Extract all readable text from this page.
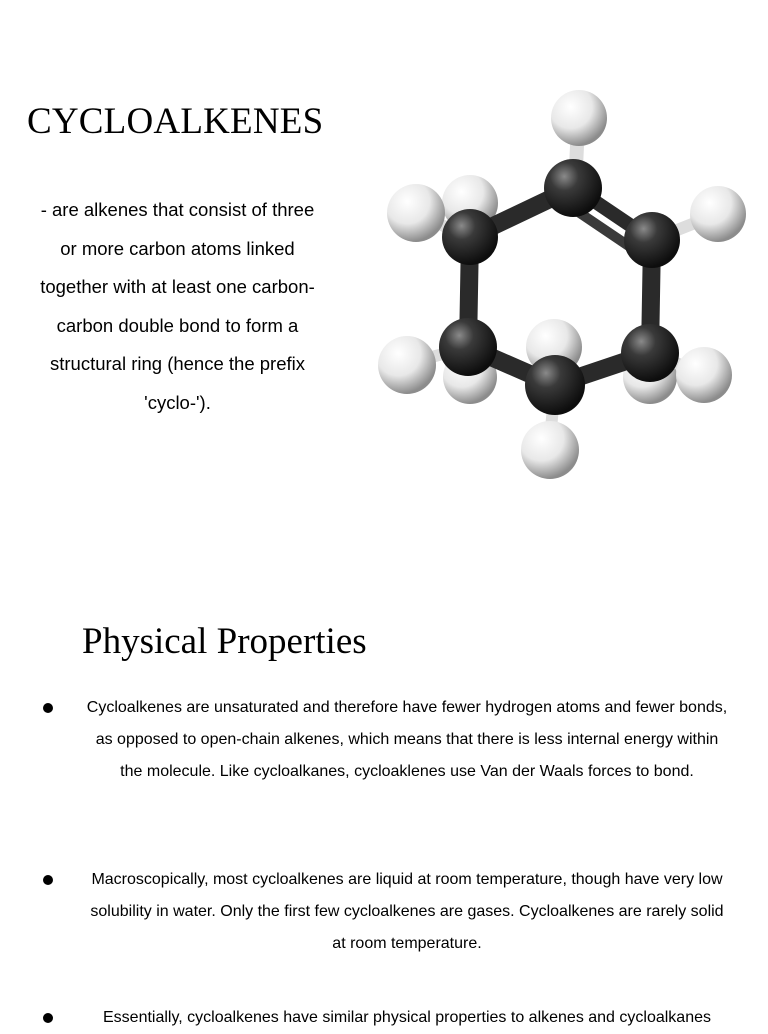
CYCLOALKENES

- are alkenes that consist of three or more carbon atoms linked together with at least one carbon-carbon double bond to form a structural ring (hence the prefix 'cyclo-').

Physical Properties

Cycloalkenes are unsaturated and therefore have fewer hydrogen atoms and fewer bonds, as opposed to open-chain alkenes, which means that there is less internal energy within the molecule. Like cycloalkanes, cycloaklenes use Van der Waals forces to bond.

Macroscopically, most cycloalkenes are liquid at room temperature, though have very low solubility in water. Only the first few cycloalkenes are gases. Cycloalkenes are rarely solid at room temperature.

Essentially, cycloalkenes have similar physical properties to alkenes and cycloalkanes
